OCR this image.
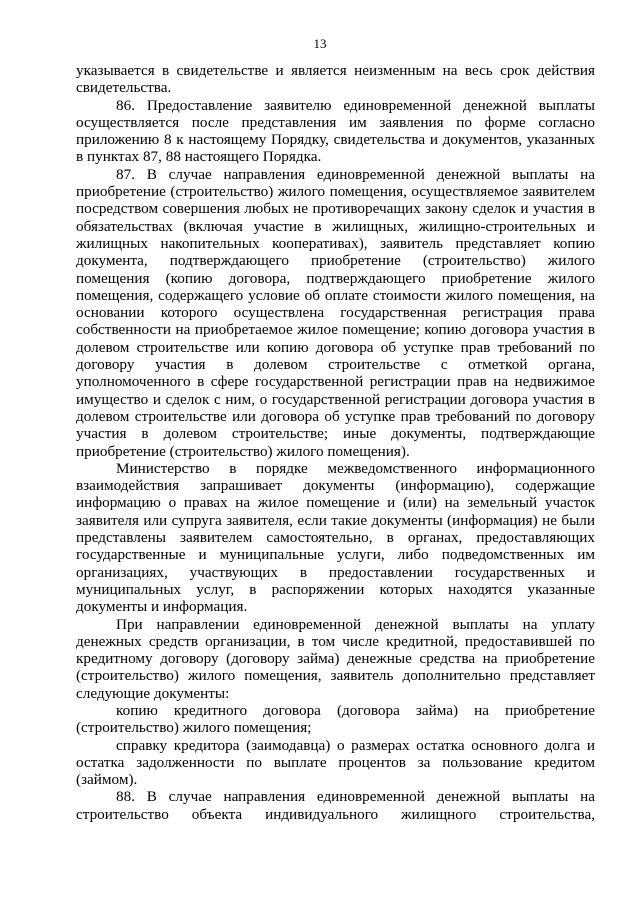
13

указывается в свидетельстве и является неизменным на весь срок действия свидетельства.

86. Предоставление заявителю единовременной денежной выплаты осуществляется после представления им заявления по форме согласно приложению 8 к настоящему Порядку, свидетельства и документов, указанных в пунктах 87, 88 настоящего Порядка.

87. В случае направления единовременной денежной выплаты на приобретение (строительство) жилого помещения, осуществляемое заявителем посредством совершения любых не противоречащих закону сделок и участия в обязательствах (включая участие в жилищных, жилищно-строительных и жилищных накопительных кооперативах), заявитель представляет копию документа, подтверждающего приобретение (строительство) жилого помещения (копию договора, подтверждающего приобретение жилого помещения, содержащего условие об оплате стоимости жилого помещения, на основании которого осуществлена государственная регистрация права собственности на приобретаемое жилое помещение; копию договора участия в долевом строительстве или копию договора об уступке прав требований по договору участия в долевом строительстве с отметкой органа, уполномоченного в сфере государственной регистрации прав на недвижимое имущество и сделок с ним, о государственной регистрации договора участия в долевом строительстве или договора об уступке прав требований по договору участия в долевом строительстве; иные документы, подтверждающие приобретение (строительство) жилого помещения).

Министерство в порядке межведомственного информационного взаимодействия запрашивает документы (информацию), содержащие информацию о правах на жилое помещение и (или) на земельный участок заявителя или супруга заявителя, если такие документы (информация) не были представлены заявителем самостоятельно, в органах, предоставляющих государственные и муниципальные услуги, либо подведомственных им организациях, участвующих в предоставлении государственных и муниципальных услуг, в распоряжении которых находятся указанные документы и информация.

При направлении единовременной денежной выплаты на уплату денежных средств организации, в том числе кредитной, предоставившей по кредитному договору (договору займа) денежные средства на приобретение (строительство) жилого помещения, заявитель дополнительно представляет следующие документы:

копию кредитного договора (договора займа) на приобретение (строительство) жилого помещения;

справку кредитора (заимодавца) о размерах остатка основного долга и остатка задолженности по выплате процентов за пользование кредитом (займом).

88. В случае направления единовременной денежной выплаты на строительство объекта индивидуального жилищного строительства,
